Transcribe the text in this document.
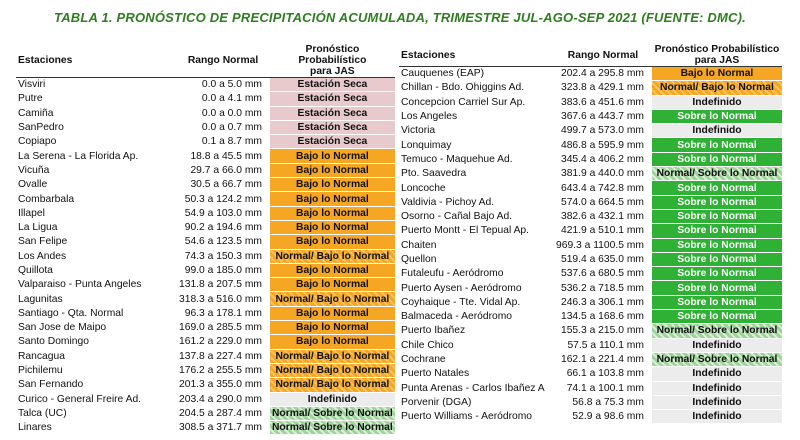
TABLA 1. PRONÓSTICO DE PRECIPITACIÓN ACUMULADA, TRIMESTRE JUL-AGO-SEP 2021 (FUENTE: DMC).
Estaciones	Rango Normal	Pronóstico Probabilístico
para JAS
Visviri	0.0 a 5.0 mm	Estación Seca
Putre	0.0 a 4.1 mm	Estación Seca
Camiña	0.0 a 0.0 mm	Estación Seca
SanPedro	0.0 a 0.7 mm	Estación Seca
Copiapo	0.1 a 8.7 mm	Estación Seca
La Serena - La Florida Ap.	18.8 a 45.5 mm	Bajo lo Normal
Vicuña	29.7 a 66.0 mm	Bajo lo Normal
Ovalle	30.5 a 66.7 mm	Bajo lo Normal
Combarbala	50.3 a 124.2 mm	Bajo lo Normal
Illapel	54.9 a 103.0 mm	Bajo lo Normal
La Ligua	90.2 a 194.6 mm	Bajo lo Normal
San Felipe	54.6 a 123.5 mm	Bajo lo Normal
Los Andes	74.3 a 150.3 mm	Normal/ Bajo lo Normal
Quillota	99.0 a 185.0 mm	Bajo lo Normal
Valparaiso - Punta Angeles	131.8 a 207.5 mm	Bajo lo Normal
Lagunitas	318.3 a 516.0 mm	Normal/ Bajo lo Normal
Santiago - Qta. Normal	96.3 a 178.1 mm	Bajo lo Normal
San Jose de Maipo	169.0 a 285.5 mm	Bajo lo Normal
Santo Domingo	161.2 a 229.0 mm	Bajo lo Normal
Rancagua	137.8 a 227.4 mm	Normal/ Bajo lo Normal
Pichilemu	176.2 a 255.5 mm	Normal/ Bajo lo Normal
San Fernando	201.3 a 355.0 mm	Normal/ Bajo lo Normal
Curico - General Freire Ad.	203.4 a 290.0 mm	Indefinido
Talca (UC)	204.5 a 287.4 mm	Normal/ Sobre lo Normal
Linares	308.5 a 371.7 mm	Normal/ Sobre lo Normal
Estaciones	Rango Normal	Pronóstico Probabilístico
para JAS
Cauquenes (EAP)	202.4 a 295.8 mm	Bajo lo Normal
Chillan - Bdo. Ohiggins Ad.	323.8 a 429.1 mm	Normal/ Bajo lo Normal
Concepcion Carriel Sur Ap.	383.6 a 451.6 mm	Indefinido
Los Angeles	367.6 a 443.7 mm	Sobre lo Normal
Victoria	499.7 a 573.0 mm	Indefinido
Lonquimay	486.8 a 595.9 mm	Sobre lo Normal
Temuco - Maquehue Ad.	345.4 a 406.2 mm	Sobre lo Normal
Pto. Saavedra	381.9 a 440.0 mm	Normal/ Sobre lo Normal
Loncoche	643.4 a 742.8 mm	Sobre lo Normal
Valdivia - Pichoy Ad.	574.0 a 664.5 mm	Sobre lo Normal
Osorno - Cañal Bajo Ad.	382.6 a 432.1 mm	Sobre lo Normal
Puerto Montt - El Tepual Ap.	421.9 a 510.1 mm	Sobre lo Normal
Chaiten	969.3 a 1100.5 mm	Sobre lo Normal
Quellon	519.4 a 635.0 mm	Sobre lo Normal
Futaleufu - Aeródromo	537.6 a 680.5 mm	Sobre lo Normal
Puerto Aysen - Aeródromo	536.2 a 718.5 mm	Sobre lo Normal
Coyhaique - Tte. Vidal Ap.	246.3 a 306.1 mm	Sobre lo Normal
Balmaceda - Aeródromo	134.5 a 168.6 mm	Sobre lo Normal
Puerto Ibañez	155.3 a 215.0 mm	Normal/ Sobre lo Normal
Chile Chico	57.5 a 110.1 mm	Indefinido
Cochrane	162.1 a 221.4 mm	Normal/ Sobre lo Normal
Puerto Natales	66.1 a 103.8 mm	Indefinido
Punta Arenas - Carlos Ibañez A	74.1 a 100.1 mm	Indefinido
Porvenir (DGA)	56.8 a 75.3 mm	Indefinido
Puerto Williams - Aeródromo	52.9 a 98.6 mm	Indefinido
